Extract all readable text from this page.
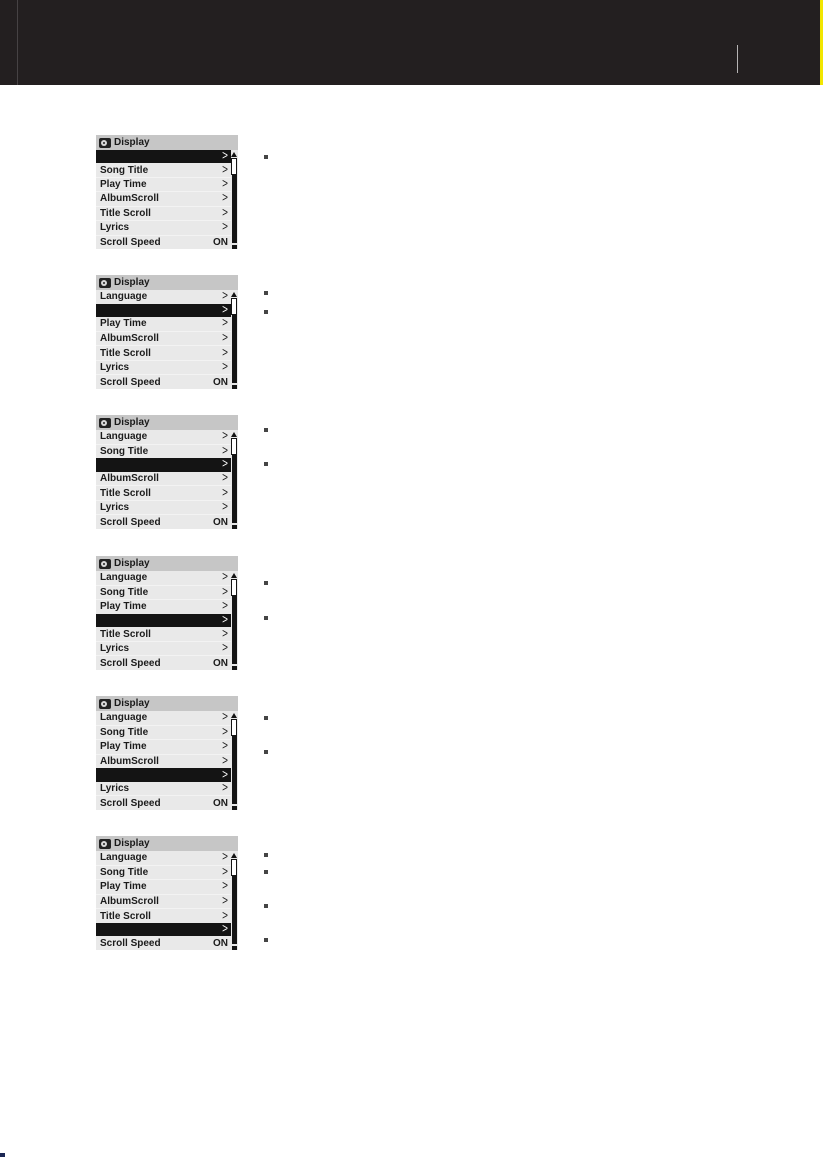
Display
>
Song Title	>
Play Time	>
AlbumScroll	>
Title Scroll	>
Lyrics	>
Scroll Speed	ON
Display
Language	>
>
Play Time	>
AlbumScroll	>
Title Scroll	>
Lyrics	>
Scroll Speed	ON
Display
Language	>
Song Title	>
>
AlbumScroll	>
Title Scroll	>
Lyrics	>
Scroll Speed	ON
Display
Language	>
Song Title	>
Play Time	>
>
Title Scroll	>
Lyrics	>
Scroll Speed	ON
Display
Language	>
Song Title	>
Play Time	>
AlbumScroll	>
>
Lyrics	>
Scroll Speed	ON
Display
Language	>
Song Title	>
Play Time	>
AlbumScroll	>
Title Scroll	>
>
Scroll Speed	ON
